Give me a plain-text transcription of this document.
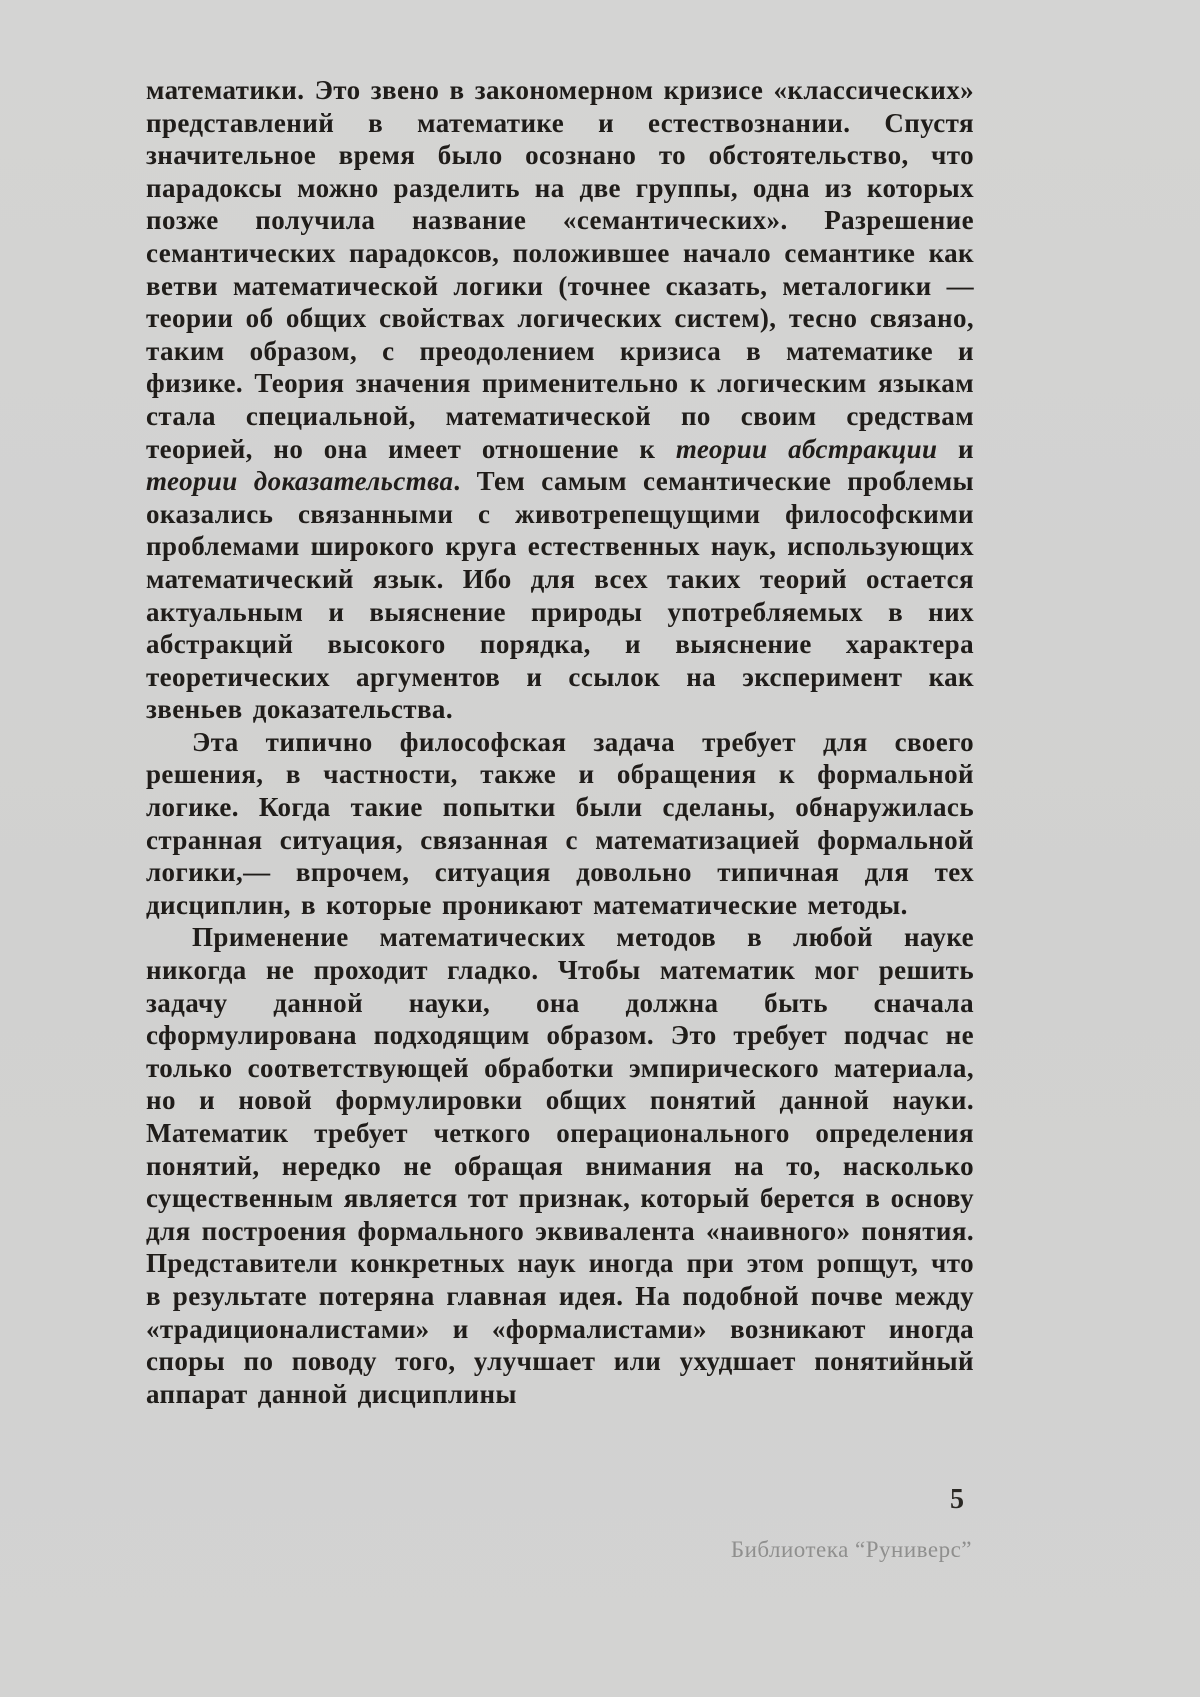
математики. Это звено в закономерном кризисе «классических» представлений в математике и естествознании. Спустя значительное время было осознано то обстоятельство, что парадоксы можно разделить на две группы, одна из которых позже получила название «семантических». Разрешение семантических парадоксов, положившее начало семантике как ветви математической логики (точнее сказать, металогики — теории об общих свойствах логических систем), тесно связано, таким образом, с преодолением кризиса в математике и физике. Теория значения применительно к логическим языкам стала специальной, математической по своим средствам теорией, но она имеет отношение к теории абстракции и теории доказательства. Тем самым семантические проблемы оказались связанными с животрепещущими философскими проблемами широкого круга естественных наук, использующих математический язык. Ибо для всех таких теорий остается актуальным и выяснение природы употребляемых в них абстракций высокого порядка, и выяснение характера теоретических аргументов и ссылок на эксперимент как звеньев доказательства.

Эта типично философская задача требует для своего решения, в частности, также и обращения к формальной логике. Когда такие попытки были сделаны, обнаружилась странная ситуация, связанная с математизацией формальной логики,— впрочем, ситуация довольно типичная для тех дисциплин, в которые проникают математические методы.

Применение математических методов в любой науке никогда не проходит гладко. Чтобы математик мог решить задачу данной науки, она должна быть сначала сформулирована подходящим образом. Это требует подчас не только соответствующей обработки эмпирического материала, но и новой формулировки общих понятий данной науки. Математик требует четкого операционального определения понятий, нередко не обращая внимания на то, насколько существенным является тот признак, который берется в основу для построения формального эквивалента «наивного» понятия. Представители конкретных наук иногда при этом ропщут, что в результате потеряна главная идея. На подобной почве между «традиционалистами» и «формалистами» возникают иногда споры по поводу того, улучшает или ухудшает понятийный аппарат данной дисциплины

5
Библиотека “Руниверс”
